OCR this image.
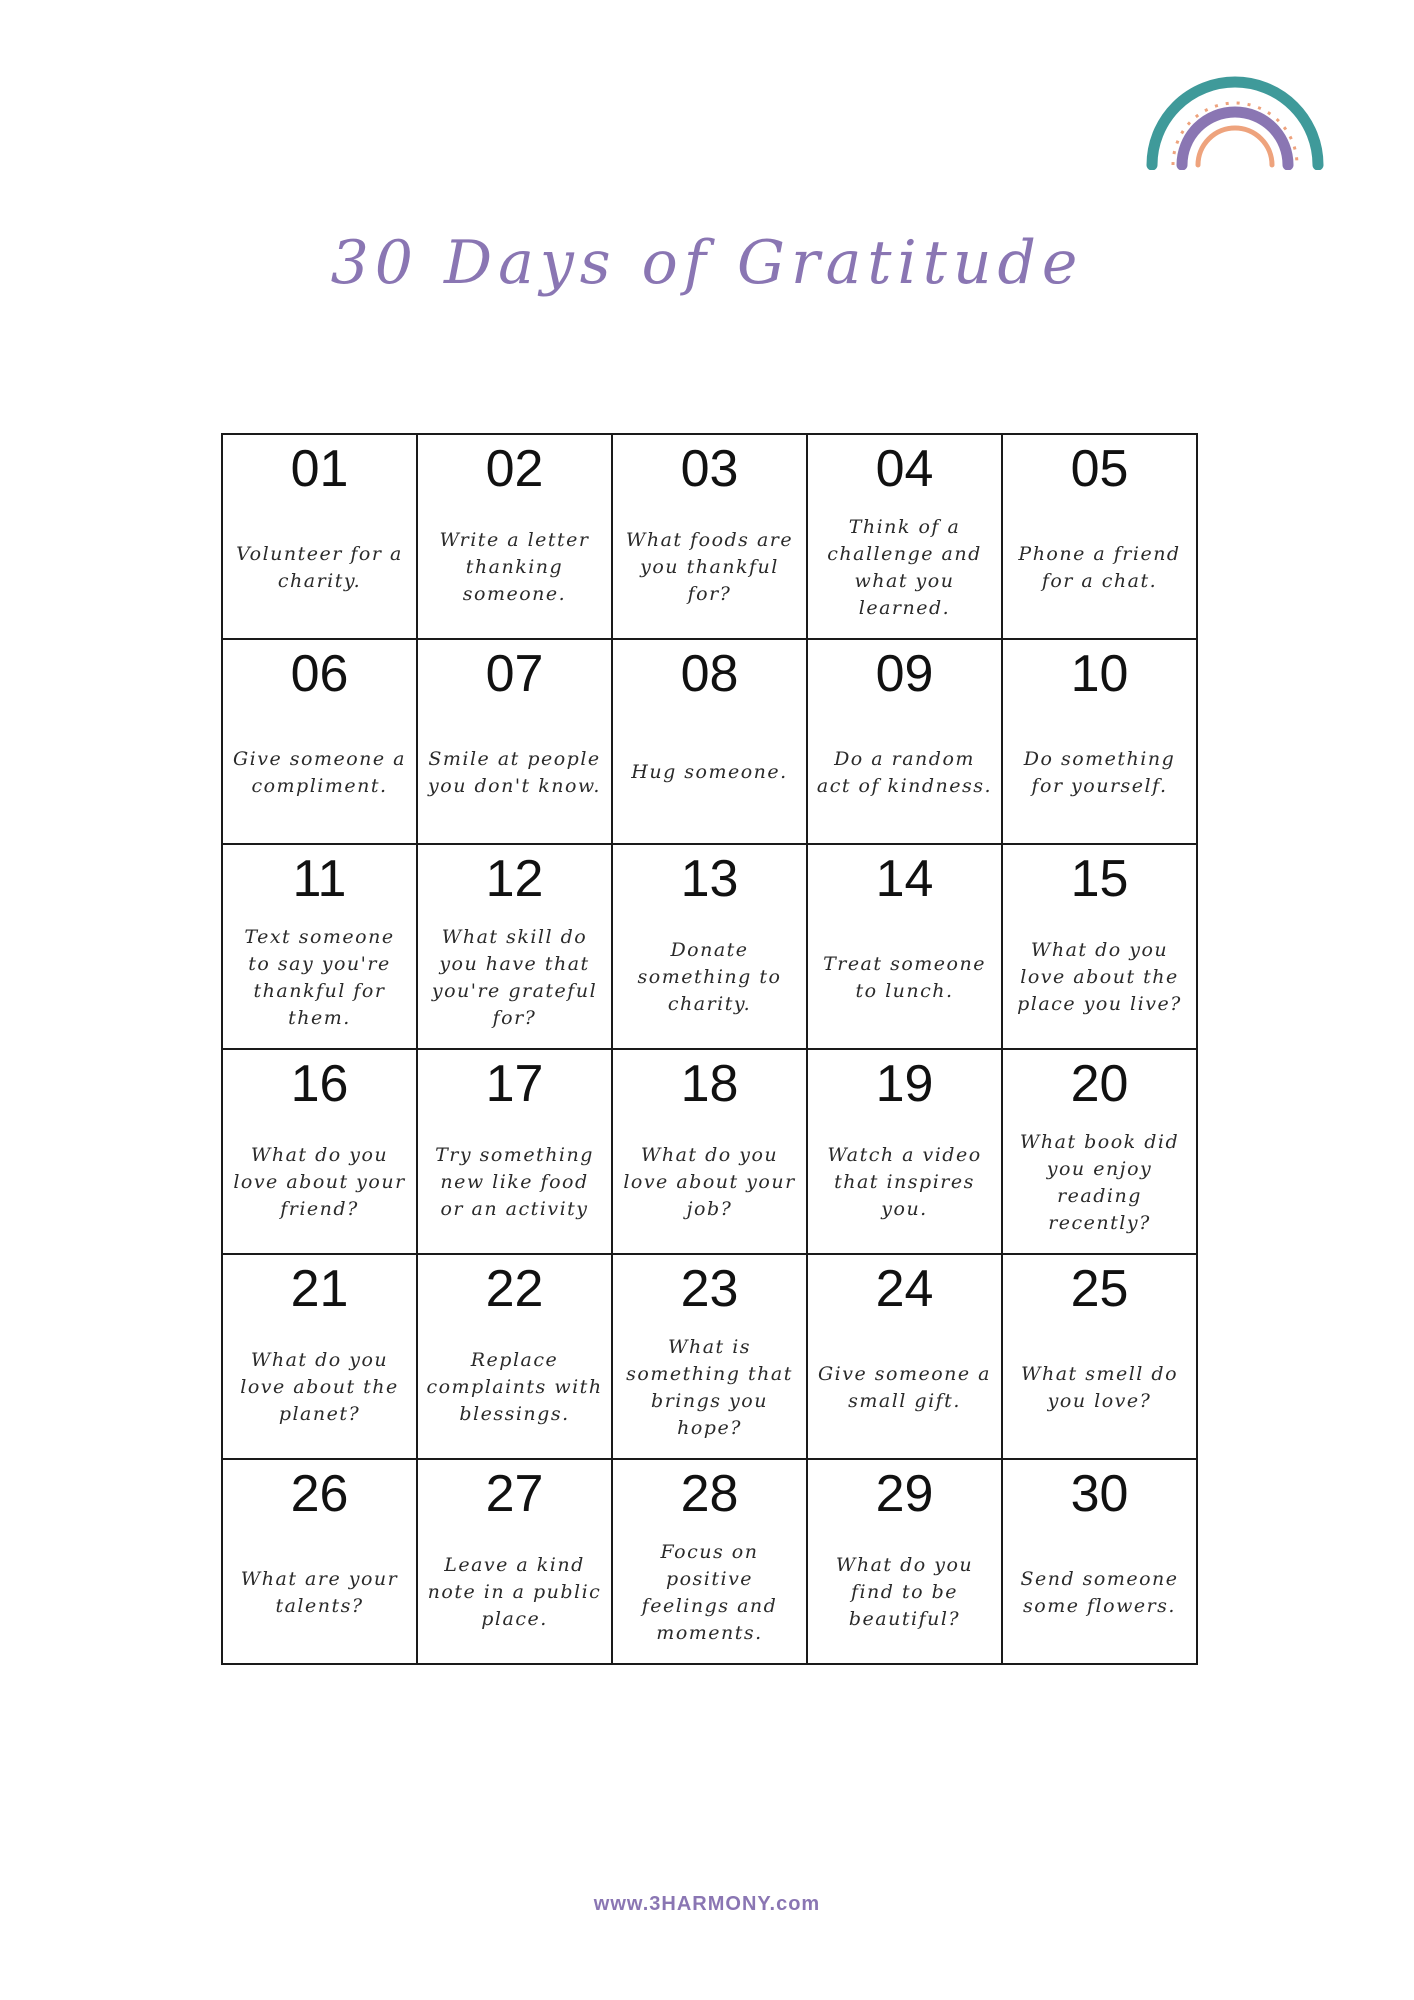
30 Days of Gratitude
01
Volunteer for a charity.
02
Write a letter thanking someone.
03
What foods are you thankful for?
04
Think of a challenge and what you learned.
05
Phone a friend for a chat.
06
Give someone a compliment.
07
Smile at people you don't know.
08
Hug someone.
09
Do a random act of kindness.
10
Do something for yourself.
11
Text someone to say you're thankful for them.
12
What skill do you have that you're grateful for?
13
Donate something to charity.
14
Treat someone to lunch.
15
What do you love about the place you live?
16
What do you love about your friend?
17
Try something new like food or an activity
18
What do you love about your job?
19
Watch a video that inspires you.
20
What book did you enjoy reading recently?
21
What do you love about the planet?
22
Replace complaints with blessings.
23
What is something that brings you hope?
24
Give someone a small gift.
25
What smell do you love?
26
What are your talents?
27
Leave a kind note in a public place.
28
Focus on positive feelings and moments.
29
What do you find to be beautiful?
30
Send someone some flowers.
www.3HARMONY.com
